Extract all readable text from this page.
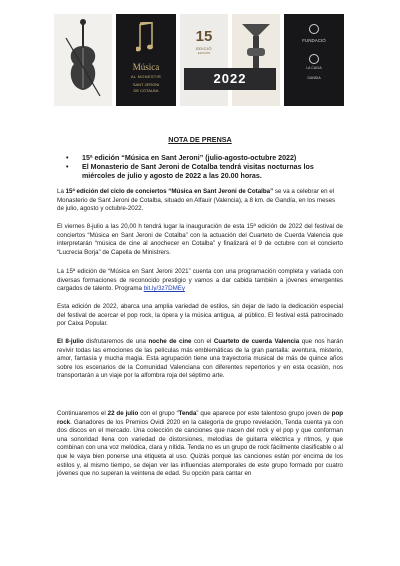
Música
AL MONESTIR
SANT JERONI
DE COTALBA
15
EDICIÓ
EDICIÓN
2022
FUNDACIÓ
LA CAIXA
GANDIA
NOTA DE PRENSA
• 15ª edición “Música en Sant Jeroni” (julio-agosto-octubre 2022)
• El Monasterio de Sant Jeroni de Cotalba tendrá visitas nocturnas los miércoles de julio y agosto de 2022 a las 20.00 horas.
La 15ª edición del ciclo de conciertos “Música en Sant Jeroni de Cotalba” se va a celebrar en el Monasterio de Sant Jeroni de Cotalba, situado en Alfauir (Valencia), a 8 km. de Gandía, en los meses de julio, agosto y octubre-2022.
El viernes 8-julio a las 20,00 h tendrá lugar la inauguración de esta 15ª edición de 2022 del festival de conciertos “Música en Sant Jeroni de Cotalba” con la actuación del Cuarteto de Cuerda Valencia que interpretarán “música de cine al anochecer en Cotalba” y finalizará el 9 de octubre con el concierto “Lucrecia Borja” de Capella de Ministrers.
La 15ª edición de “Música en Sant Jeroni 2021” cuenta con una programación completa y variada con diversas formaciones de reconocido prestigio y vamos a dar cabida también a jóvenes emergentes cargados de talento. Programa bit.ly/3z7DMEy
Esta edición de 2022, abarca una amplia variedad de estilos, sin dejar de lado la dedicación especial del festival de acercar el pop rock, la ópera y la música antigua, al público. El festival está patrocinado por Caixa Popular.
El 8-julio disfrutaremos de una noche de cine con el Cuarteto de cuerda Valencia que nos harán revivir todas las emociones de las películas más emblemáticas de la gran pantalla: aventura, misterio, amor, fantasía y mucha magia. Esta agrupación tiene una trayectoria musical de más de quince años sobre los escenarios de la Comunidad Valenciana con diferentes repertorios y en esta ocasión, nos transportarán a un viaje por la alfombra roja del séptimo arte.
Continuaremos el 22 de julio con el grupo “Tenda” que aparece por este talentoso grupo joven de pop rock. Ganadores de los Premios Ovidi 2020 en la categoría de grupo revelación, Tenda cuenta ya con dos discos en el mercado. Una colección de canciones que nacen del rock y el pop y que conforman una sonoridad llena con variedad de distorsiones, melodías de guitarra eléctrica y ritmos, y que combinan con una voz melódica, clara y nítida. Tenda no es un grupo de rock fácilmente clasificable o al que le vaya bien ponerse una etiqueta al uso. Quizás porque las canciones están por encima de los estilos y, al mismo tiempo, se dejan ver las influencias atemporales de este grupo formado por cuatro jóvenes que no superan la veintena de edad. Su opción para cantar en
